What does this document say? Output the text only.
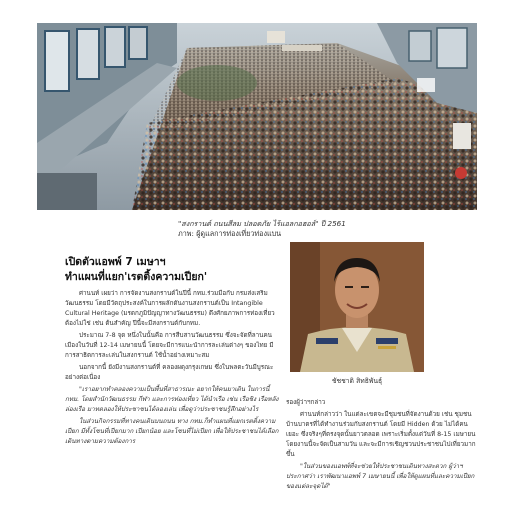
"สงกรานต์ ถนนสีลม ปลอดภัย ไร้แอลกอฮอล์" ปี 2561
ภาพ: ผู้ดูแลการท่องเที่ยวท่องแบน
เปิดตัวแอพพ์ 7 เมษาฯ
ทำแผนที่แยก'เรตติ้งความเปียก'

ศานนท์ เผยว่า การจัดงานสงกรานต์ในปีนี้ กทม.ร่วมมือกับ กรมส่งเสริมวัฒนธรรม โดยมีวัตถุประสงค์ในการผลักดันงานสงกรานต์เป็น Intangible Cultural Heritage (มรดกภูมิปัญญาทางวัฒนธรรม) ดึงศักยภาพการท่องเที่ยวต้องไม่ใช่ เช่น ต้นสำคัญ ปีนี้จะมีสงกรานต์กับกทม.

ประมาณ 7-8 จุด หนึ่งในนั้นคือ การสืบสานวัฒนธรรม ซึ่งจะจัดที่ลานคนเมืองในวันที่ 12-14 เมษายนนี้ โดยจะมีการแนะนำการละเล่นต่างๆ ของไทย มีการสาธิตการละเล่นในสงกรานต์ ใช้น้ำอย่างเหมาะสม

นอกจากนี้ ยังมีงานสงกรานต์ที่ คลองผดุงกรุงเกษม ซึ่งในพลตะวันมีบูรณะอย่างต่อเนื่อง

"เราอยากทำคลองความเป็นพื้นที่สาธารณะ อยากให้คนมาเดิน ในการนี้ กทม. โดยสำนักวัฒนธรรม กีฬา และการท่องเที่ยว ได้นำเรือ เช่น เรือชิง เรือหลัง ล่องเรือ มาทดลองให้ประชาชนได้ลองเล่น เพื่อดูว่าประชาชนรู้สึกอย่างไร

ในส่วนกิจกรรมที่ทางคนเดินบนถนน ทาง กทม.ก็ทำแผนที่แยกเรตติ้งความเปียก มีทั้งโซนที่เปียกมาก เปียกน้อย และโซนที่ไม่เปียก เพื่อให้ประชาชนได้เลือกเดินทางตามความต้องการ

ชัชชาติ สิทธิพันธุ์

รองผู้ว่าฯกล่าว

ศานนท์กล่าวว่า ในแต่ละเขตจะมีชุมชนที่จัดงานด้วย เช่น ชุมชนบ้านบาตรที่ได้ทำงานร่วมกับสงกรานต์ โดยมี Hidden ด้วย ไม่ได้คนเยอะ ซึ่งจริงๆที่ตรงจุดนั้นยาวตลอด เพราะเริ่มตั้งแต่วันที่ 8-15 เมษายน โดยงานนี้จะจัดเป็นสามวัน และจะมีการเชิญชวนประชาชนไปเที่ยวมากขึ้น

"ในส่วนของแอพพ์ที่จะช่วยให้ประชาชนเดินทางสะดวก ผู้ว่าฯ ประกาศว่า เราพัฒนาแอพพ์ 7 เมษายนนี้ เพื่อให้ดูแผนที่และความเปียกของแต่ละจุดได้"
